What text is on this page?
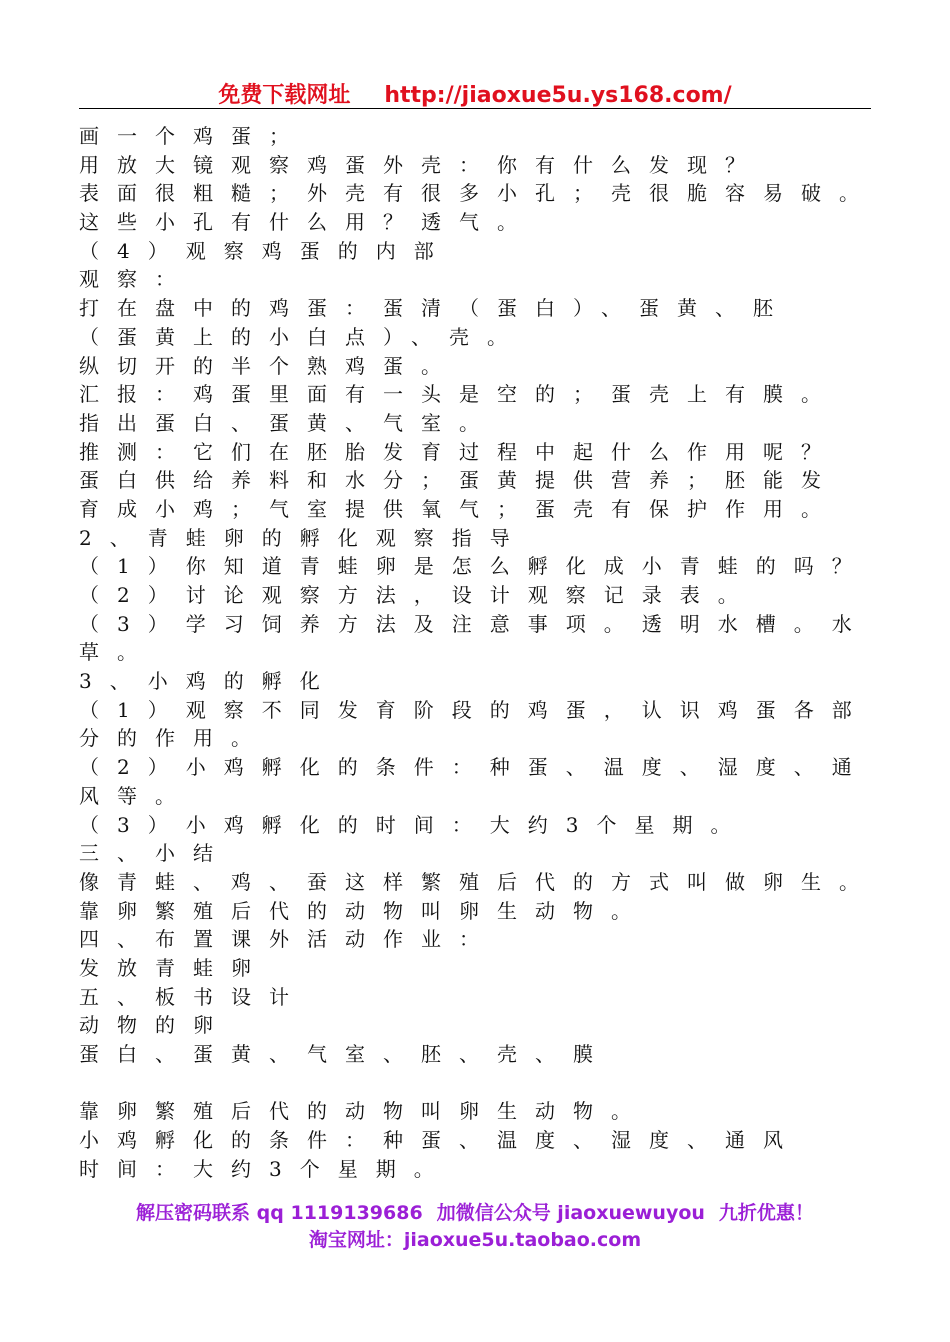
免费下载网址 http://jiaoxue5u.ys168.com/
画一个鸡蛋；
用放大镜观察鸡蛋外壳：你有什么发现？
表面很粗糙；外壳有很多小孔；壳很脆容易破。
这些小孔有什么用？透气。
（4）观察鸡蛋的内部
观察：
打在盘中的鸡蛋：蛋清（蛋白）、蛋黄、胚
（蛋黄上的小白点）、壳。
纵切开的半个熟鸡蛋。
汇报：鸡蛋里面有一头是空的；蛋壳上有膜。
指出蛋白、蛋黄、气室。
推测：它们在胚胎发育过程中起什么作用呢？
蛋白供给养料和水分；蛋黄提供营养；胚能发
育成小鸡；气室提供氧气；蛋壳有保护作用。
2、青蛙卵的孵化观察指导
（1）你知道青蛙卵是怎么孵化成小青蛙的吗？
（2）讨论观察方法，设计观察记录表。
（3）学习饲养方法及注意事项。透明水槽。水
草。
3、小鸡的孵化
（1）观察不同发育阶段的鸡蛋，认识鸡蛋各部
分的作用。
（2）小鸡孵化的条件：种蛋、温度、湿度、通
风等。
（3）小鸡孵化的时间：大约3个星期。
三、小结
像青蛙、鸡、蚕这样繁殖后代的方式叫做卵生。
靠卵繁殖后代的动物叫卵生动物。
四、布置课外活动作业：
发放青蛙卵
五、板书设计
动物的卵
蛋白、蛋黄、气室、胚、壳、膜
靠卵繁殖后代的动物叫卵生动物。
小鸡孵化的条件：种蛋、温度、湿度、通风
时间：大约3个星期。
解压密码联系 qq 1119139686 加微信公众号 jiaoxuewuyou 九折优惠！
淘宝网址：jiaoxue5u.taobao.com
